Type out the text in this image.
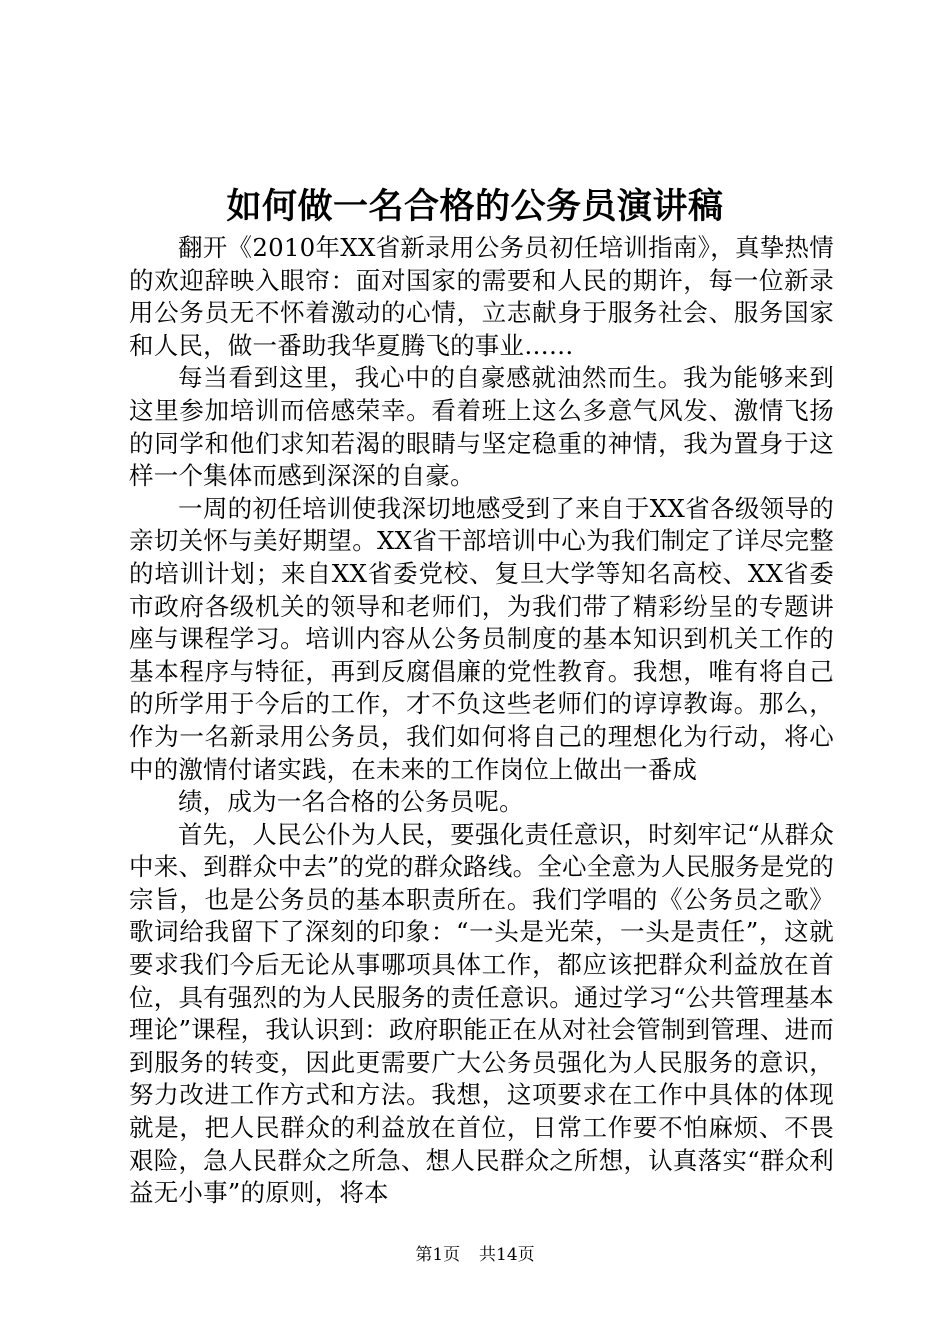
如何做一名合格的公务员演讲稿

翻开《2010年XX省新录用公务员初任培训指南》，真挚热情的欢迎辞映入眼帘：面对国家的需要和人民的期许，每一位新录用公务员无不怀着激动的心情，立志献身于服务社会、服务国家和人民，做一番助我华夏腾飞的事业……

每当看到这里，我心中的自豪感就油然而生。我为能够来到这里参加培训而倍感荣幸。看着班上这么多意气风发、激情飞扬的同学和他们求知若渴的眼睛与坚定稳重的神情，我为置身于这样一个集体而感到深深的自豪。

一周的初任培训使我深切地感受到了来自于XX省各级领导的亲切关怀与美好期望。XX省干部培训中心为我们制定了详尽完整的培训计划；来自XX省委党校、复旦大学等知名高校、XX省委市政府各级机关的领导和老师们，为我们带了精彩纷呈的专题讲座与课程学习。培训内容从公务员制度的基本知识到机关工作的基本程序与特征，再到反腐倡廉的党性教育。我想，唯有将自己的所学用于今后的工作，才不负这些老师们的谆谆教诲。那么，作为一名新录用公务员，我们如何将自己的理想化为行动，将心中的激情付诸实践，在未来的工作岗位上做出一番成

绩，成为一名合格的公务员呢。

首先，人民公仆为人民，要强化责任意识，时刻牢记“从群众中来、到群众中去”的党的群众路线。全心全意为人民服务是党的宗旨，也是公务员的基本职责所在。我们学唱的《公务员之歌》歌词给我留下了深刻的印象：“一头是光荣，一头是责任”，这就要求我们今后无论从事哪项具体工作，都应该把群众利益放在首位，具有强烈的为人民服务的责任意识。通过学习“公共管理基本理论”课程，我认识到：政府职能正在从对社会管制到管理、进而到服务的转变，因此更需要广大公务员强化为人民服务的意识，努力改进工作方式和方法。我想，这项要求在工作中具体的体现就是，把人民群众的利益放在首位，日常工作要不怕麻烦、不畏艰险，急人民群众之所急、想人民群众之所想，认真落实“群众利益无小事”的原则，将本

第1页 共14页
